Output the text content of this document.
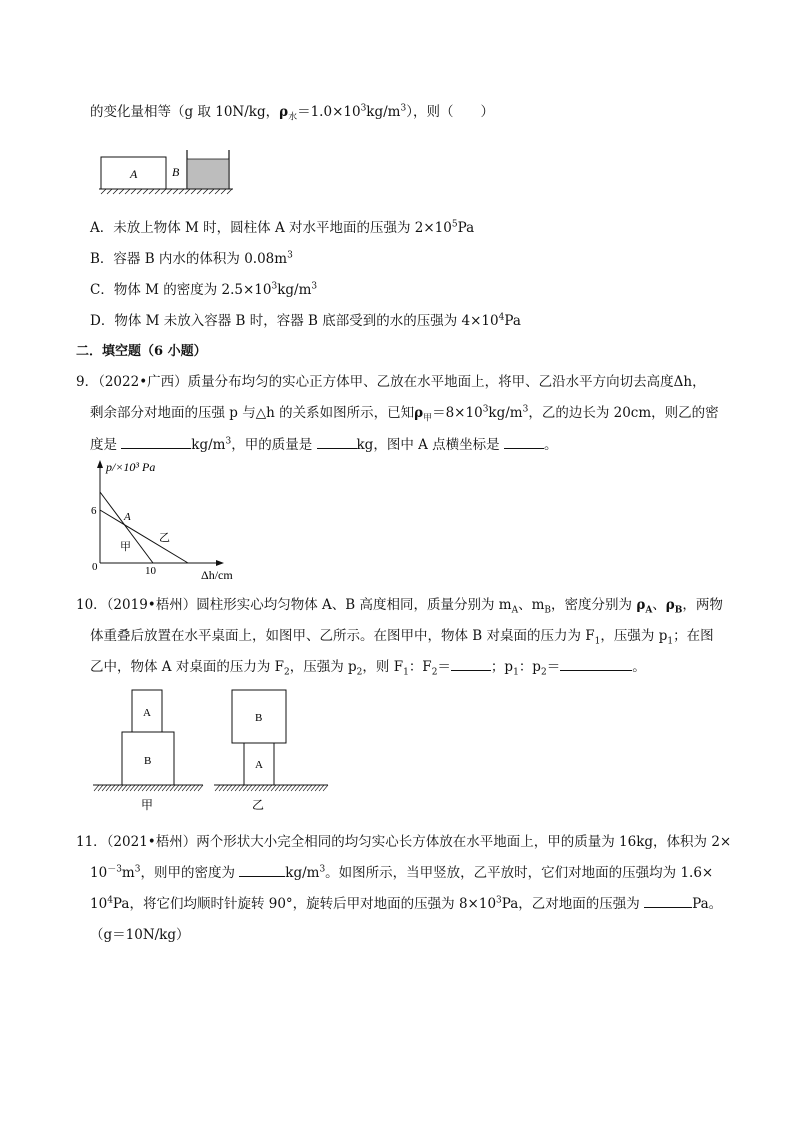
的变化量相等（g 取 10N/kg，$\rho_水=1.0\times 10^3kg/m^3$），则（　　）
A	B
A．未放上物体 M 时，圆柱体 A 对水平地面的压强为 $2\times 10^5Pa$
B．容器 B 内水的体积为 $0.08m^3$
C．物体 M 的密度为 $2.5\times 10^3kg/m^3$
D．物体 M 未放入容器 B 时，容器 B 底部受到的水的压强为 $4\times 10^4Pa$
二．填空题（6 小题）
9．（2022•广西）质量分布均匀的实心正方体甲、乙放在水平地面上，将甲、乙沿水平方向切去高度Δh，
剩余部分对地面的压强 p 与△h 的关系如图所示，已知$\rho_甲=8\times 10^3kg/m^3$，乙的边长为 20cm，则乙的密
度是	$kg/m^3$，甲的质量是	kg，图中 A 点横坐标是	。
p/×10³ Pa
Δh/cm
6
10
0
A
甲
乙
10．（2019•梧州）圆柱形实心均匀物体 A、B 高度相同，质量分别为 $m_A$、$m_B$，密度分别为 $\rho_A$、$\rho_B$，两物
体重叠后放置在水平桌面上，如图甲、乙所示。在图甲中，物体 B 对桌面的压力为 $F_1$，压强为 $p_1$；在图
乙中，物体 A 对桌面的压力为 $F_2$，压强为 $p_2$，则 $F_1$：$F_2=$	；$p_1$：$p_2=$	。
A
B
甲
B
A
乙
11．（2021•梧州）两个形状大小完全相同的均匀实心长方体放在水平地面上，甲的质量为 16kg，体积为 2×
$10^{-3}m^3$，则甲的密度为	$kg/m^3$。如图所示，当甲竖放，乙平放时，它们对地面的压强均为 1.6×
$10^4Pa$，将它们均顺时针旋转 90°，旋转后甲对地面的压强为 $8\times 10^3Pa$，乙对地面的压强为	Pa。
（g＝10N/kg）
